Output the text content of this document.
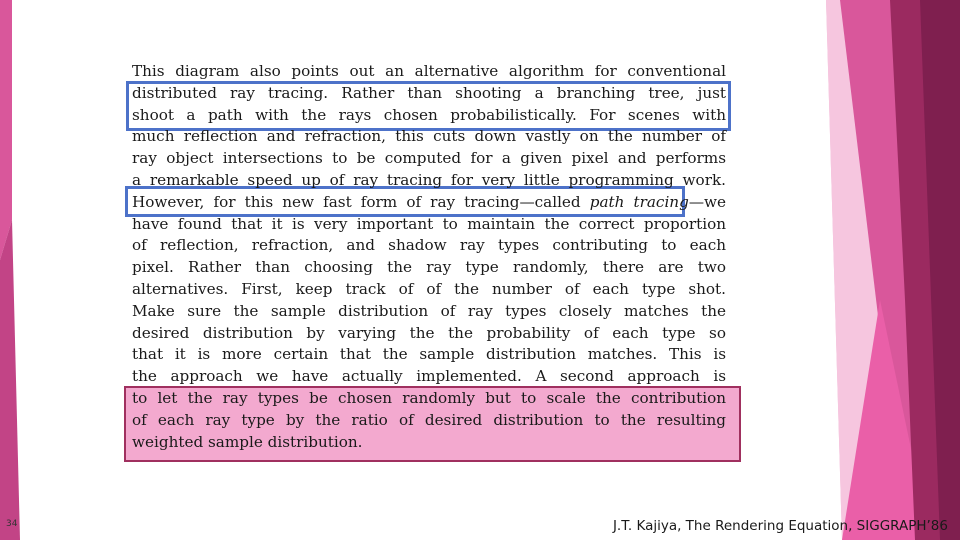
This diagram also points out an alternative algorithm for conventional
distributed ray tracing. Rather than shooting a branching tree, just
shoot a path with the rays chosen probabilistically. For scenes with
much reflection and refraction, this cuts down vastly on the number of
ray object intersections to be computed for a given pixel and performs
a remarkable speed up of ray tracing for very little programming work.
However, for this new fast form of ray tracing—called path tracing—we
have found that it is very important to maintain the correct proportion
of reflection, refraction, and shadow ray types contributing to each
pixel. Rather than choosing the ray type randomly, there are two
alternatives. First, keep track of of the number of each type shot.
Make sure the sample distribution of ray types closely matches the
desired distribution by varying the the probability of each type so
that it is more certain that the sample distribution matches. This is
the approach we have actually implemented. A second approach is
to let the ray types be chosen randomly but to scale the contribution
of each ray type by the ratio of desired distribution to the resulting
weighted sample distribution.
34	J.T. Kajiya, The Rendering Equation, SIGGRAPH’86
